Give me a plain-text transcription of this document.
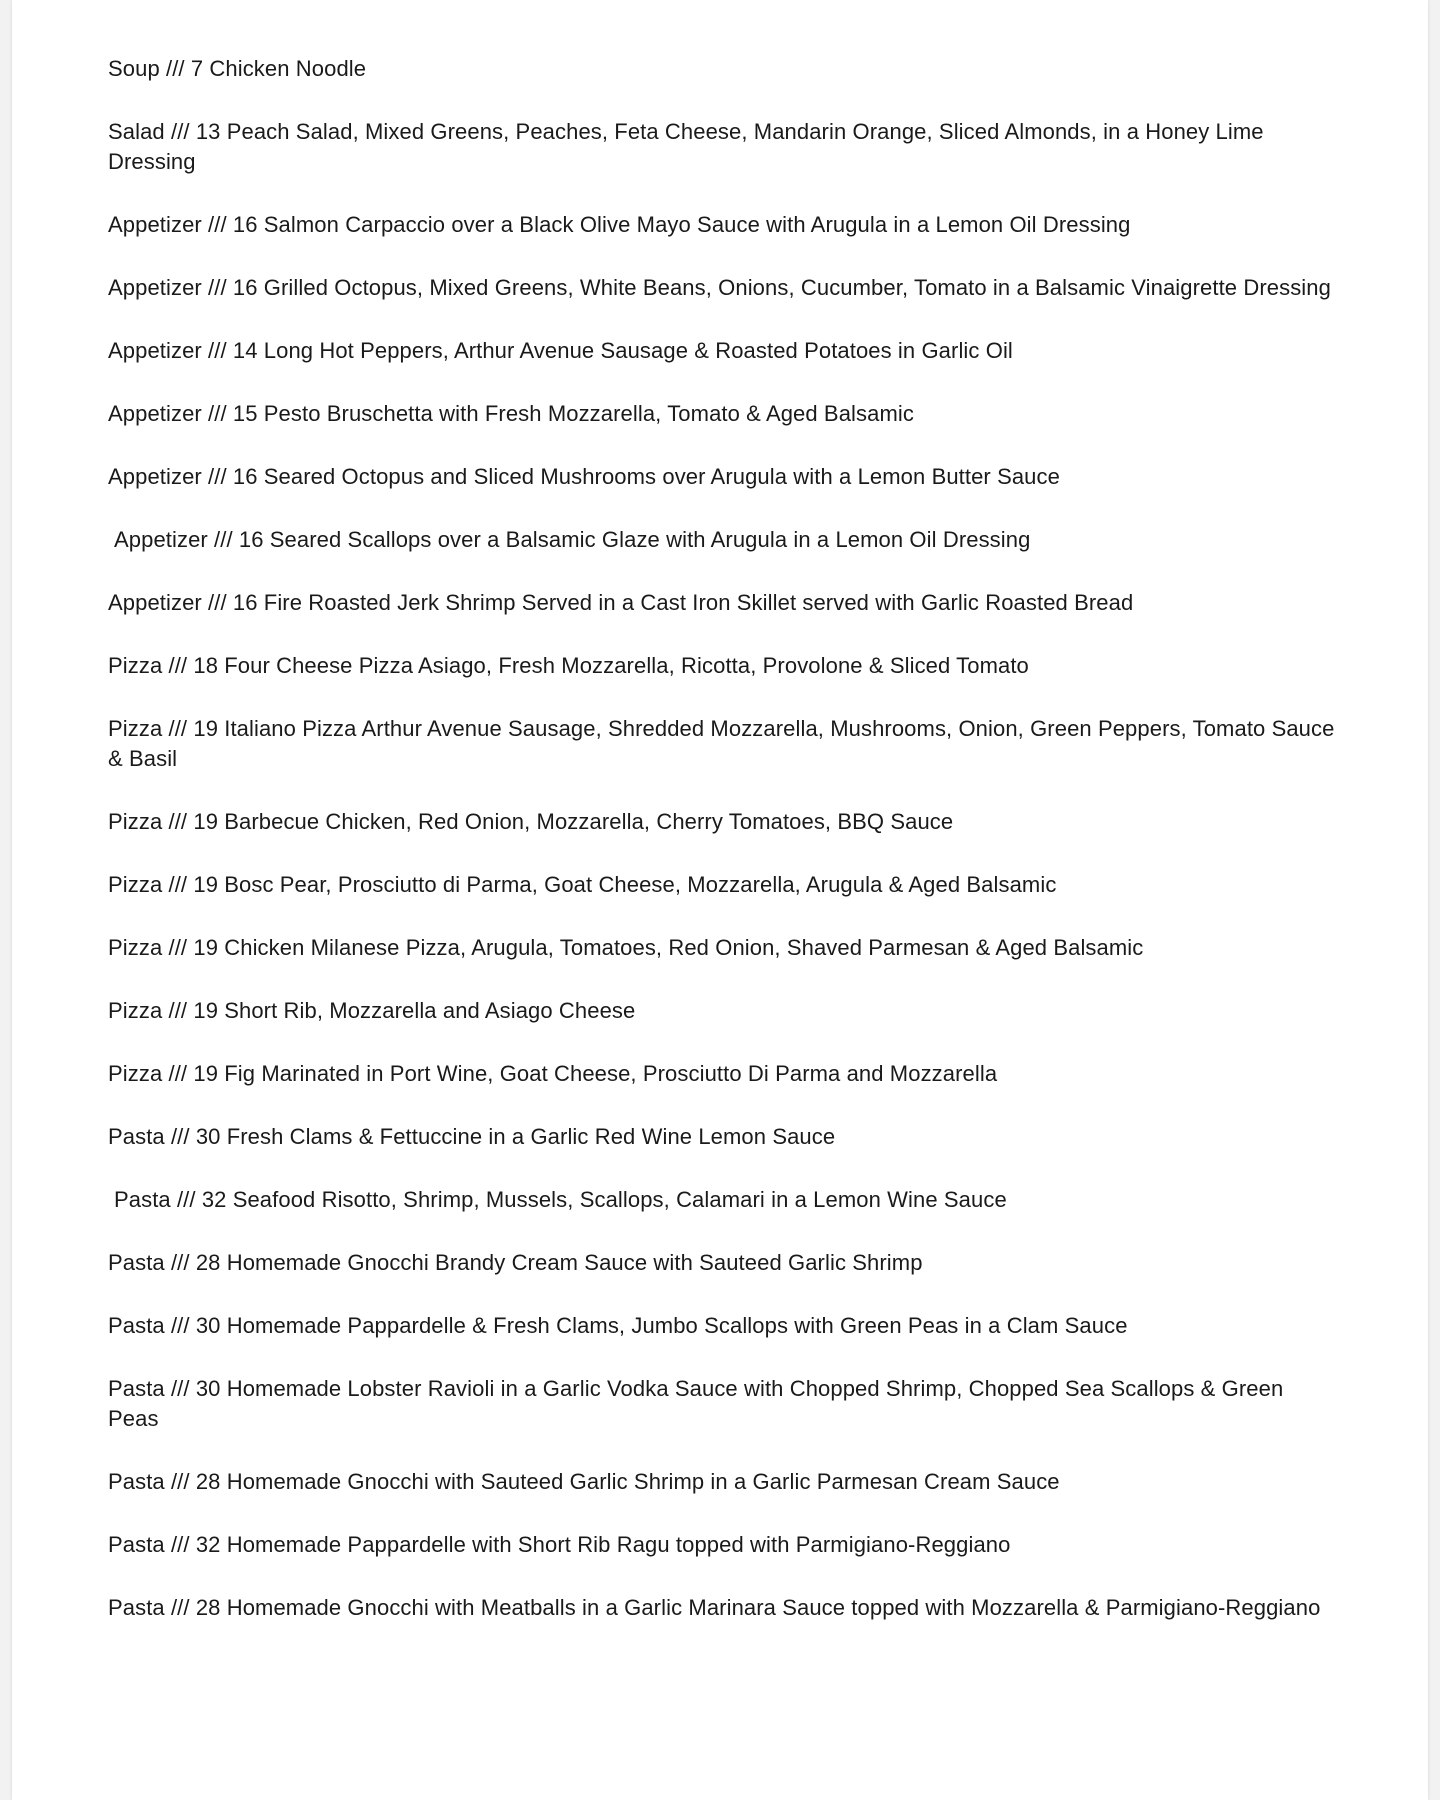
Soup /// 7 Chicken Noodle
Salad /// 13 Peach Salad, Mixed Greens, Peaches, Feta Cheese, Mandarin Orange, Sliced Almonds, in a Honey Lime Dressing
Appetizer /// 16 Salmon Carpaccio over a Black Olive Mayo Sauce with Arugula in a Lemon Oil Dressing
Appetizer /// 16 Grilled Octopus, Mixed Greens, White Beans, Onions, Cucumber, Tomato in a Balsamic Vinaigrette Dressing
Appetizer /// 14 Long Hot Peppers, Arthur Avenue Sausage & Roasted Potatoes in Garlic Oil
Appetizer /// 15 Pesto Bruschetta with Fresh Mozzarella, Tomato & Aged Balsamic
Appetizer /// 16 Seared Octopus and Sliced Mushrooms over Arugula with a Lemon Butter Sauce
Appetizer /// 16 Seared Scallops over a Balsamic Glaze with Arugula in a Lemon Oil Dressing
Appetizer /// 16 Fire Roasted Jerk Shrimp Served in a Cast Iron Skillet served with Garlic Roasted Bread
Pizza /// 18 Four Cheese Pizza Asiago, Fresh Mozzarella, Ricotta, Provolone & Sliced Tomato
Pizza /// 19 Italiano Pizza Arthur Avenue Sausage, Shredded Mozzarella, Mushrooms, Onion, Green Peppers, Tomato Sauce & Basil
Pizza /// 19 Barbecue Chicken, Red Onion, Mozzarella, Cherry Tomatoes, BBQ Sauce
Pizza /// 19 Bosc Pear, Prosciutto di Parma, Goat Cheese, Mozzarella, Arugula & Aged Balsamic
Pizza /// 19 Chicken Milanese Pizza, Arugula, Tomatoes, Red Onion, Shaved Parmesan & Aged Balsamic
Pizza /// 19 Short Rib, Mozzarella and Asiago Cheese
Pizza /// 19 Fig Marinated in Port Wine, Goat Cheese, Prosciutto Di Parma and Mozzarella
Pasta /// 30 Fresh Clams & Fettuccine in a Garlic Red Wine Lemon Sauce
Pasta /// 32 Seafood Risotto, Shrimp, Mussels, Scallops, Calamari in a Lemon Wine Sauce
Pasta /// 28 Homemade Gnocchi Brandy Cream Sauce with Sauteed Garlic Shrimp
Pasta /// 30 Homemade Pappardelle & Fresh Clams, Jumbo Scallops with Green Peas in a Clam Sauce
Pasta /// 30 Homemade Lobster Ravioli in a Garlic Vodka Sauce with Chopped Shrimp, Chopped Sea Scallops & Green Peas
Pasta /// 28 Homemade Gnocchi with Sauteed Garlic Shrimp in a Garlic Parmesan Cream Sauce
Pasta /// 32 Homemade Pappardelle with Short Rib Ragu topped with Parmigiano-Reggiano
Pasta /// 28 Homemade Gnocchi with Meatballs in a Garlic Marinara Sauce topped with Mozzarella & Parmigiano-Reggiano
